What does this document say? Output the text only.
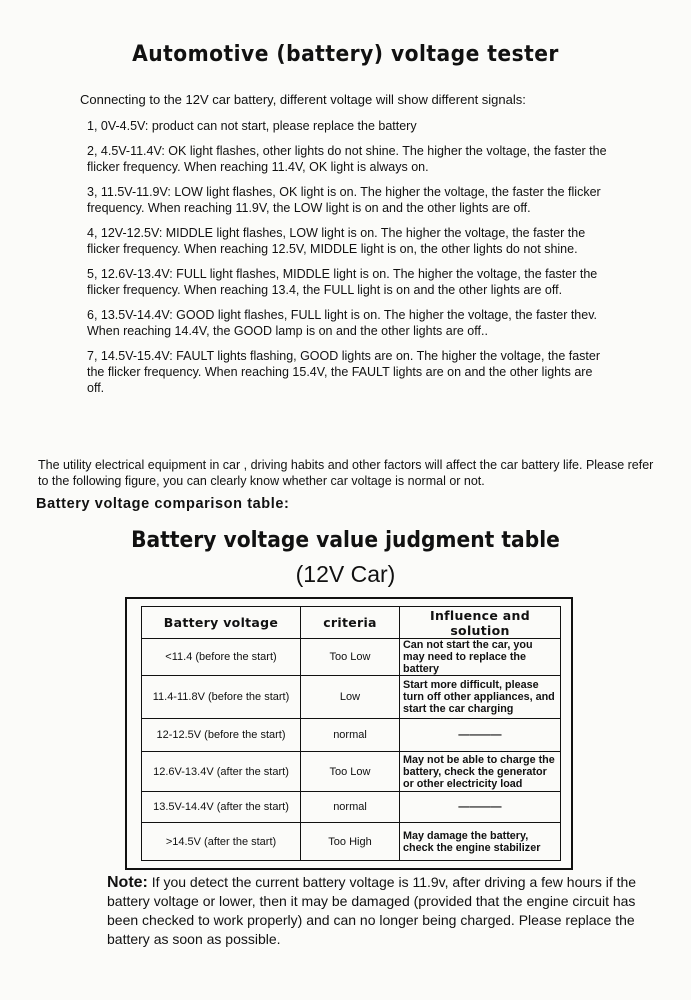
Automotive (battery) voltage tester
Connecting to the 12V car battery, different voltage will show different signals:

1, 0V-4.5V: product can not start, please replace the battery

2, 4.5V-11.4V: OK light flashes, other lights do not shine. The higher the voltage, the faster the flicker frequency. When reaching 11.4V, OK light is always on.

3, 11.5V-11.9V: LOW light flashes, OK light is on. The higher the voltage, the faster the flicker frequency. When reaching 11.9V, the LOW light is on and the other lights are off.

4, 12V-12.5V: MIDDLE light flashes, LOW light is on. The higher the voltage, the faster the flicker frequency. When reaching 12.5V, MIDDLE light is on, the other lights do not shine.

5, 12.6V-13.4V: FULL light flashes, MIDDLE light is on. The higher the voltage, the faster the flicker frequency. When reaching 13.4, the FULL light is on and the other lights are off.

6, 13.5V-14.4V: GOOD light flashes, FULL light is on. The higher the voltage, the faster thev. When reaching 14.4V, the GOOD lamp is on and the other lights are off..

7, 14.5V-15.4V: FAULT lights flashing, GOOD lights are on. The higher the voltage, the faster the flicker frequency. When reaching 15.4V, the FAULT lights are on and the other lights are off.

The utility electrical equipment in car , driving habits and other factors will affect the car battery life. Please refer to the following figure, you can clearly know whether car voltage is normal or not.
Battery voltage comparison table:
Battery voltage value judgment table
(12V Car)
Battery voltage	criteria	Influence and solution
<11.4 (before the start)	Too Low	Can not start the car, you may need to replace the battery
11.4-11.8V (before the start)	Low	Start more difficult, please turn off other appliances, and start the car charging
12-12.5V (before the start)	normal	————
12.6V-13.4V (after the start)	Too Low	May not be able to charge the battery, check the generator or other electricity load
13.5V-14.4V (after the start)	normal	————
>14.5V (after the start)	Too High	May damage the battery, check the engine stabilizer
Note: If you detect the current battery voltage is 11.9v, after driving a few hours if the battery voltage or lower, then it may be damaged (provided that the engine circuit has been checked to work properly) and can no longer being charged. Please replace the battery as soon as possible.
